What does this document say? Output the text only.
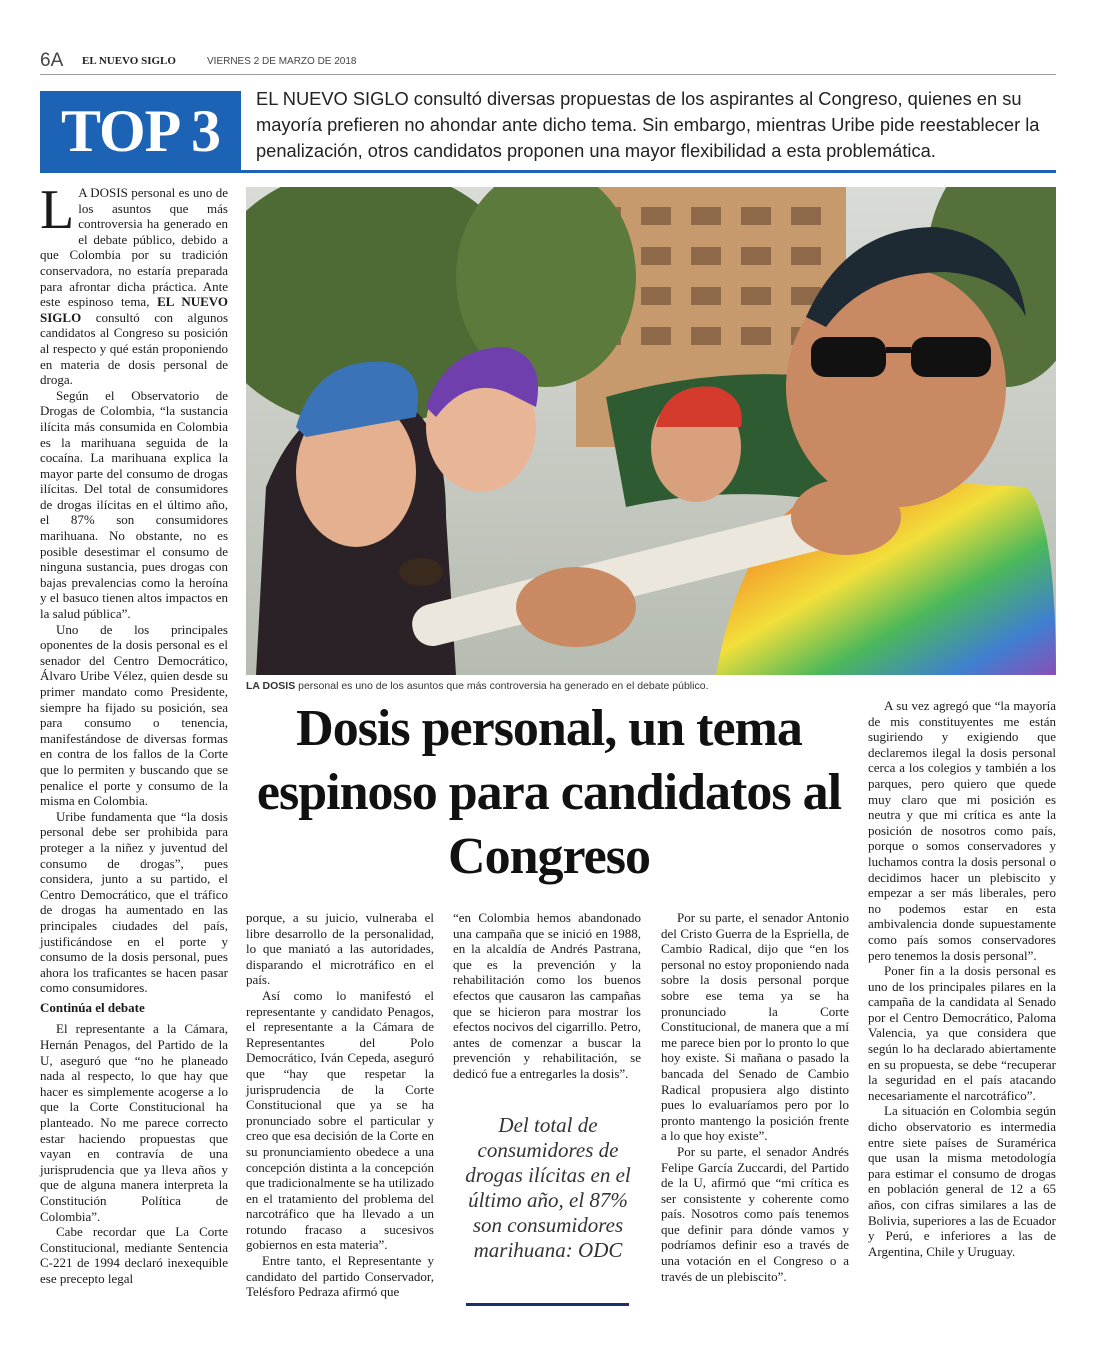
6A EL NUEVO SIGLO	VIERNES 2 DE MARZO DE 2018
TOP 3	EL NUEVO SIGLO consultó diversas propuestas de los aspirantes al Congreso, quienes en su mayoría prefieren no ahondar ante dicho tema. Sin embargo, mientras Uribe pide reestablecer la penalización, otros candidatos proponen una mayor flexibilidad a esta problemática.

L A DOSIS personal es uno de los asuntos que más controversia ha generado en el debate público, debido a que Colombia por su tradición conservadora, no estaría preparada para afrontar dicha práctica. Ante este espinoso tema, EL NUEVO SIGLO consultó con algunos candidatos al Congreso su posición al respecto y qué están proponiendo en materia de dosis personal de droga.

Según el Observatorio de Drogas de Colombia, “la sustancia ilícita más consumida en Colombia es la marihuana seguida de la cocaína. La marihuana explica la mayor parte del consumo de drogas ilícitas. Del total de consumidores de drogas ilícitas en el último año, el 87% son consumidores marihuana. No obstante, no es posible desestimar el consumo de ninguna sustancia, pues drogas con bajas prevalencias como la heroína y el basuco tienen altos impactos en la salud pública”.

Uno de los principales oponentes de la dosis personal es el senador del Centro Democrático, Álvaro Uribe Vélez, quien desde su primer mandato como Presidente, siempre ha fijado su posición, sea para consumo o tenencia, manifestándose de diversas formas en contra de los fallos de la Corte que lo permiten y buscando que se penalice el porte y consumo de la misma en Colombia.

Uribe fundamenta que “la dosis personal debe ser prohibida para proteger a la niñez y juventud del consumo de drogas”, pues considera, junto a su partido, el Centro Democrático, que el tráfico de drogas ha aumentado en las principales ciudades del país, justificándose en el porte y consumo de la dosis personal, pues ahora los traficantes se hacen pasar como consumidores.

Continúa el debate

El representante a la Cámara, Hernán Penagos, del Partido de la U, aseguró que “no he planeado nada al respecto, lo que hay que hacer es simplemente acogerse a lo que la Corte Constitucional ha planteado. No me parece correcto estar haciendo propuestas que vayan en contravía de una jurisprudencia que ya lleva años y que de alguna manera interpreta la Constitución Política de Colombia”.

Cabe recordar que La Corte Constitucional, mediante Sentencia C-221 de 1994 declaró inexequible ese precepto legal

LA DOSIS personal es uno de los asuntos que más controversia ha generado en el debate público.
Dosis personal, un tema espinoso para candidatos al Congreso

porque, a su juicio, vulneraba el libre desarrollo de la personalidad, lo que maniató a las autoridades, disparando el microtráfico en el país.

Así como lo manifestó el representante y candidato Penagos, el representante a la Cámara de Representantes del Polo Democrático, Iván Cepeda, aseguró que “hay que respetar la jurisprudencia de la Corte Constitucional que ya se ha pronunciado sobre el particular y creo que esa decisión de la Corte en su pronunciamiento obedece a una concepción distinta a la concepción que tradicionalmente se ha utilizado en el tratamiento del problema del narcotráfico que ha llevado a un rotundo fracaso a sucesivos gobiernos en esta materia”.

Entre tanto, el Representante y candidato del partido Conservador, Telésforo Pedraza afirmó que

“en Colombia hemos abandonado una campaña que se inició en 1988, en la alcaldía de Andrés Pastrana, que es la prevención y la rehabilitación como los buenos efectos que causaron las campañas que se hicieron para mostrar los efectos nocivos del cigarrillo. Petro, antes de comenzar a buscar la prevención y rehabilitación, se dedicó fue a entregarles la dosis”.

Del total de consumidores de drogas ilícitas en el último año, el 87% son consumidores marihuana: ODC

Por su parte, el senador Antonio del Cristo Guerra de la Espriella, de Cambio Radical, dijo que “en los personal no estoy proponiendo nada sobre la dosis personal porque sobre ese tema ya se ha pronunciado la Corte Constitucional, de manera que a mí me parece bien por lo pronto lo que hoy existe. Si mañana o pasado la bancada del Senado de Cambio Radical propusiera algo distinto pues lo evaluaríamos pero por lo pronto mantengo la posición frente a lo que hoy existe”.

Por su parte, el senador Andrés Felipe García Zuccardi, del Partido de la U, afirmó que “mi crítica es ser consistente y coherente como país. Nosotros como país tenemos que definir para dónde vamos y podríamos definir eso a través de una votación en el Congreso o a través de un plebiscito”.

A su vez agregó que “la mayoría de mis constituyentes me están sugiriendo y exigiendo que declaremos ilegal la dosis personal cerca a los colegios y también a los parques, pero quiero que quede muy claro que mi posición es neutra y que mi crítica es ante la posición de nosotros como país, porque o somos conservadores y luchamos contra la dosis personal o decidimos hacer un plebiscito y empezar a ser más liberales, pero no podemos estar en esta ambivalencia donde supuestamente como país somos conservadores pero tenemos la dosis personal”.

Poner fin a la dosis personal es uno de los principales pilares en la campaña de la candidata al Senado por el Centro Democrático, Paloma Valencia, ya que considera que según lo ha declarado abiertamente en su propuesta, se debe “recuperar la seguridad en el país atacando necesariamente el narcotráfico”.

La situación en Colombia según dicho observatorio es intermedia entre siete países de Suramérica que usan la misma metodología para estimar el consumo de drogas en población general de 12 a 65 años, con cifras similares a las de Bolivia, superiores a las de Ecuador y Perú, e inferiores a las de Argentina, Chile y Uruguay.
